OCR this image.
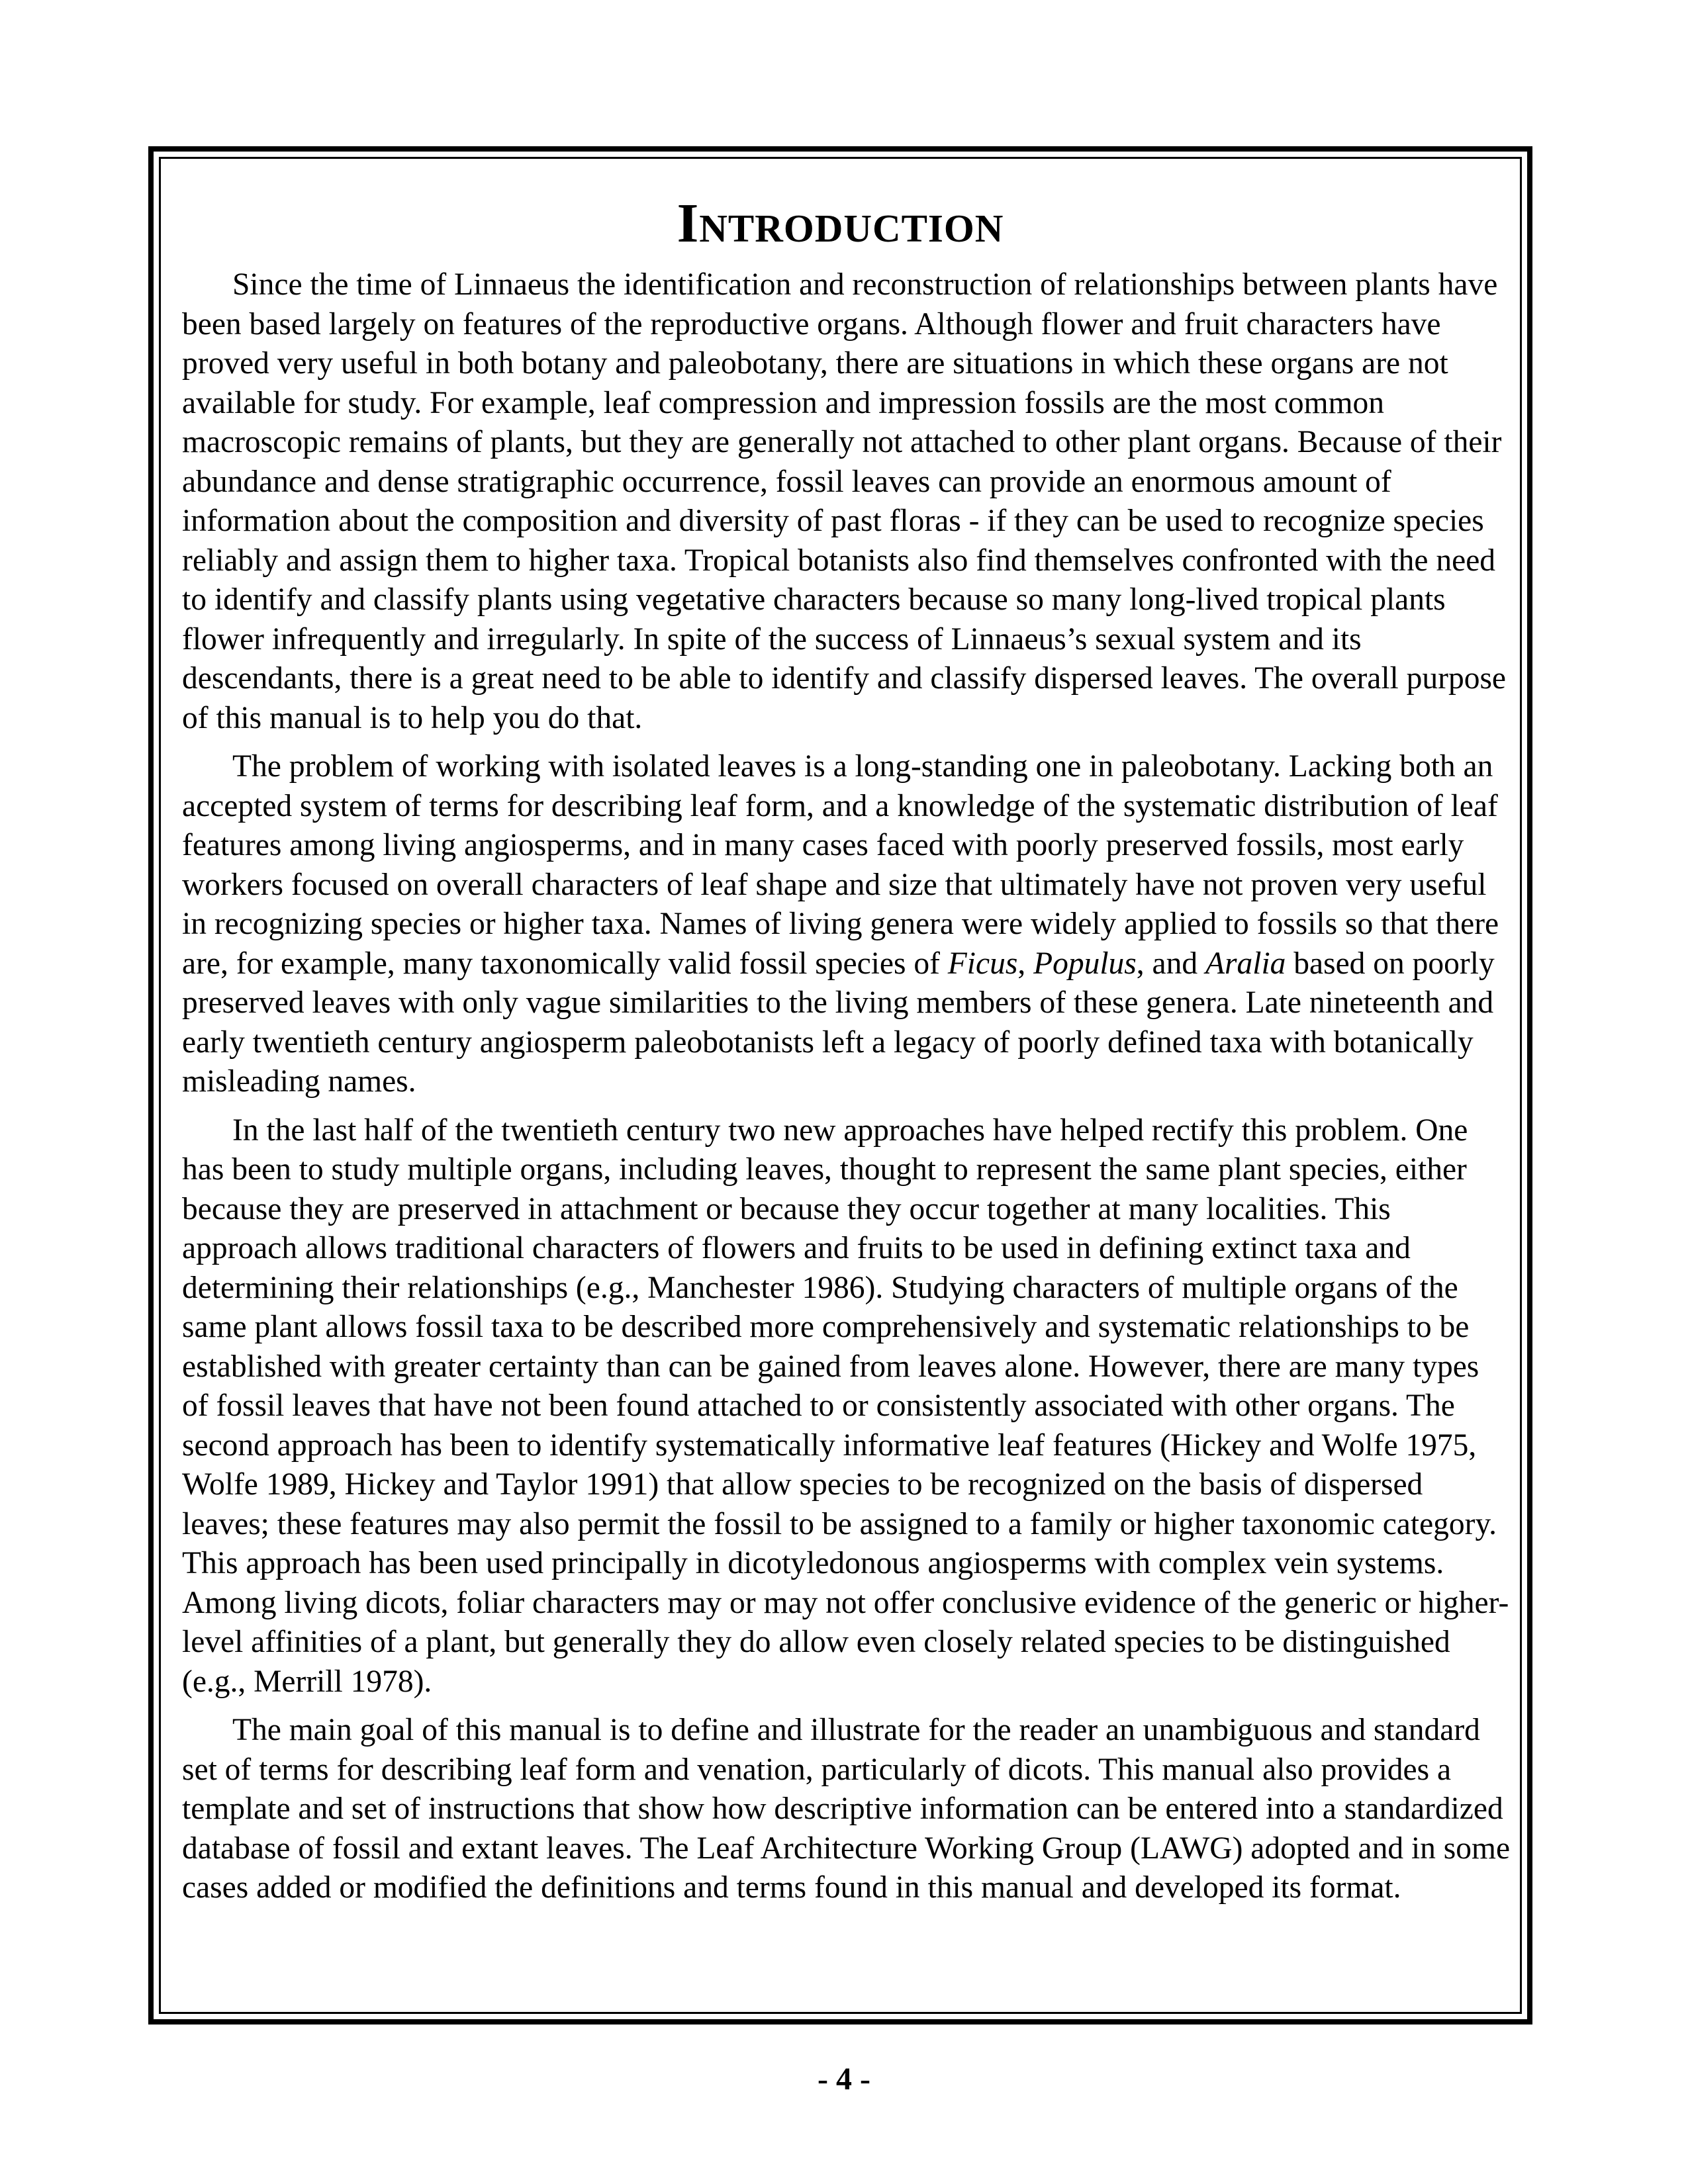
Introduction

Since the time of Linnaeus the identification and reconstruction of relationships between plants have been based largely on features of the reproductive organs. Although flower and fruit characters have proved very useful in both botany and paleobotany, there are situations in which these organs are not available for study. For example, leaf compression and impression fossils are the most common macroscopic remains of plants, but they are generally not attached to other plant organs. Because of their abundance and dense stratigraphic occurrence, fossil leaves can provide an enormous amount of information about the composition and diversity of past floras - if they can be used to recognize species reliably and assign them to higher taxa. Tropical botanists also find themselves confronted with the need to identify and classify plants using vegetative characters because so many long-lived tropical plants flower infrequently and irregularly. In spite of the success of Linnaeus’s sexual system and its descendants, there is a great need to be able to identify and classify dispersed leaves. The overall purpose of this manual is to help you do that.

The problem of working with isolated leaves is a long-standing one in paleobotany. Lacking both an accepted system of terms for describing leaf form, and a knowledge of the systematic distribution of leaf features among living angiosperms, and in many cases faced with poorly preserved fossils, most early workers focused on overall characters of leaf shape and size that ultimately have not proven very useful in recognizing species or higher taxa. Names of living genera were widely applied to fossils so that there are, for example, many taxonomically valid fossil species of Ficus, Populus, and Aralia based on poorly preserved leaves with only vague similarities to the living members of these genera. Late nineteenth and early twentieth century angiosperm paleobotanists left a legacy of poorly defined taxa with botanically misleading names.

In the last half of the twentieth century two new approaches have helped rectify this problem. One has been to study multiple organs, including leaves, thought to represent the same plant species, either because they are preserved in attachment or because they occur together at many localities. This approach allows traditional characters of flowers and fruits to be used in defining extinct taxa and determining their relationships (e.g., Manchester 1986). Studying characters of multiple organs of the same plant allows fossil taxa to be described more comprehensively and systematic relationships to be established with greater certainty than can be gained from leaves alone. However, there are many types of fossil leaves that have not been found attached to or consistently associated with other organs. The second approach has been to identify systematically informative leaf features (Hickey and Wolfe 1975, Wolfe 1989, Hickey and Taylor 1991) that allow species to be recognized on the basis of dispersed leaves; these features may also permit the fossil to be assigned to a family or higher taxonomic category. This approach has been used principally in dicotyledonous angiosperms with complex vein systems. Among living dicots, foliar characters may or may not offer conclusive evidence of the generic or higher-level affinities of a plant, but generally they do allow even closely related species to be distinguished (e.g., Merrill 1978).

The main goal of this manual is to define and illustrate for the reader an unambiguous and standard set of terms for describing leaf form and venation, particularly of dicots. This manual also provides a template and set of instructions that show how descriptive information can be entered into a standardized database of fossil and extant leaves. The Leaf Architecture Working Group (LAWG) adopted and in some cases added or modified the definitions and terms found in this manual and developed its format.

- 4 -
